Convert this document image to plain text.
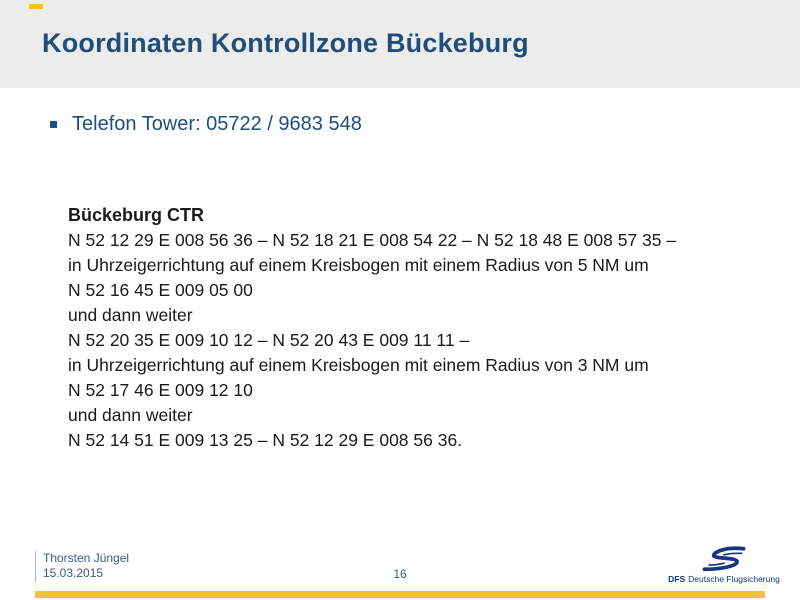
Koordinaten Kontrollzone Bückeburg
Telefon Tower: 05722 / 9683 548
Bückeburg CTR
N 52 12 29 E 008 56 36 – N 52 18 21 E 008 54 22 – N 52 18 48 E 008 57 35 –
in Uhrzeigerrichtung auf einem Kreisbogen mit einem Radius von 5 NM um
N 52 16 45 E 009 05 00
und dann weiter
N 52 20 35 E 009 10 12 – N 52 20 43 E 009 11 11 –
in Uhrzeigerrichtung auf einem Kreisbogen mit einem Radius von 3 NM um
N 52 17 46 E 009 12 10
und dann weiter
N 52 14 51 E 009 13 25 – N 52 12 29 E 008 56 36.
Thorsten Jüngel
15.03.2015	16	DFS Deutsche Flugsicherung
